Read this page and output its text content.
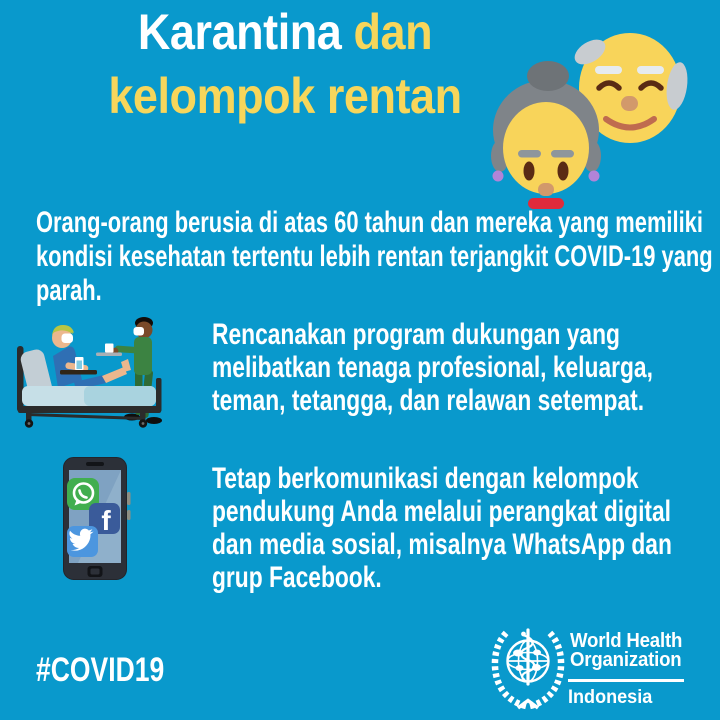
Karantina dan
kelompok rentan
Orang-orang berusia di atas 60 tahun dan mereka yang memiliki
kondisi kesehatan tertentu lebih rentan terjangkit COVID-19 yang
parah.
Rencanakan program dukungan yang
melibatkan tenaga profesional, keluarga,
teman, tetangga, dan relawan setempat.
f
Tetap berkomunikasi dengan kelompok
pendukung Anda melalui perangkat digital
dan media sosial, misalnya WhatsApp dan
grup Facebook.
#COVID19
World Health
Organization
Indonesia
